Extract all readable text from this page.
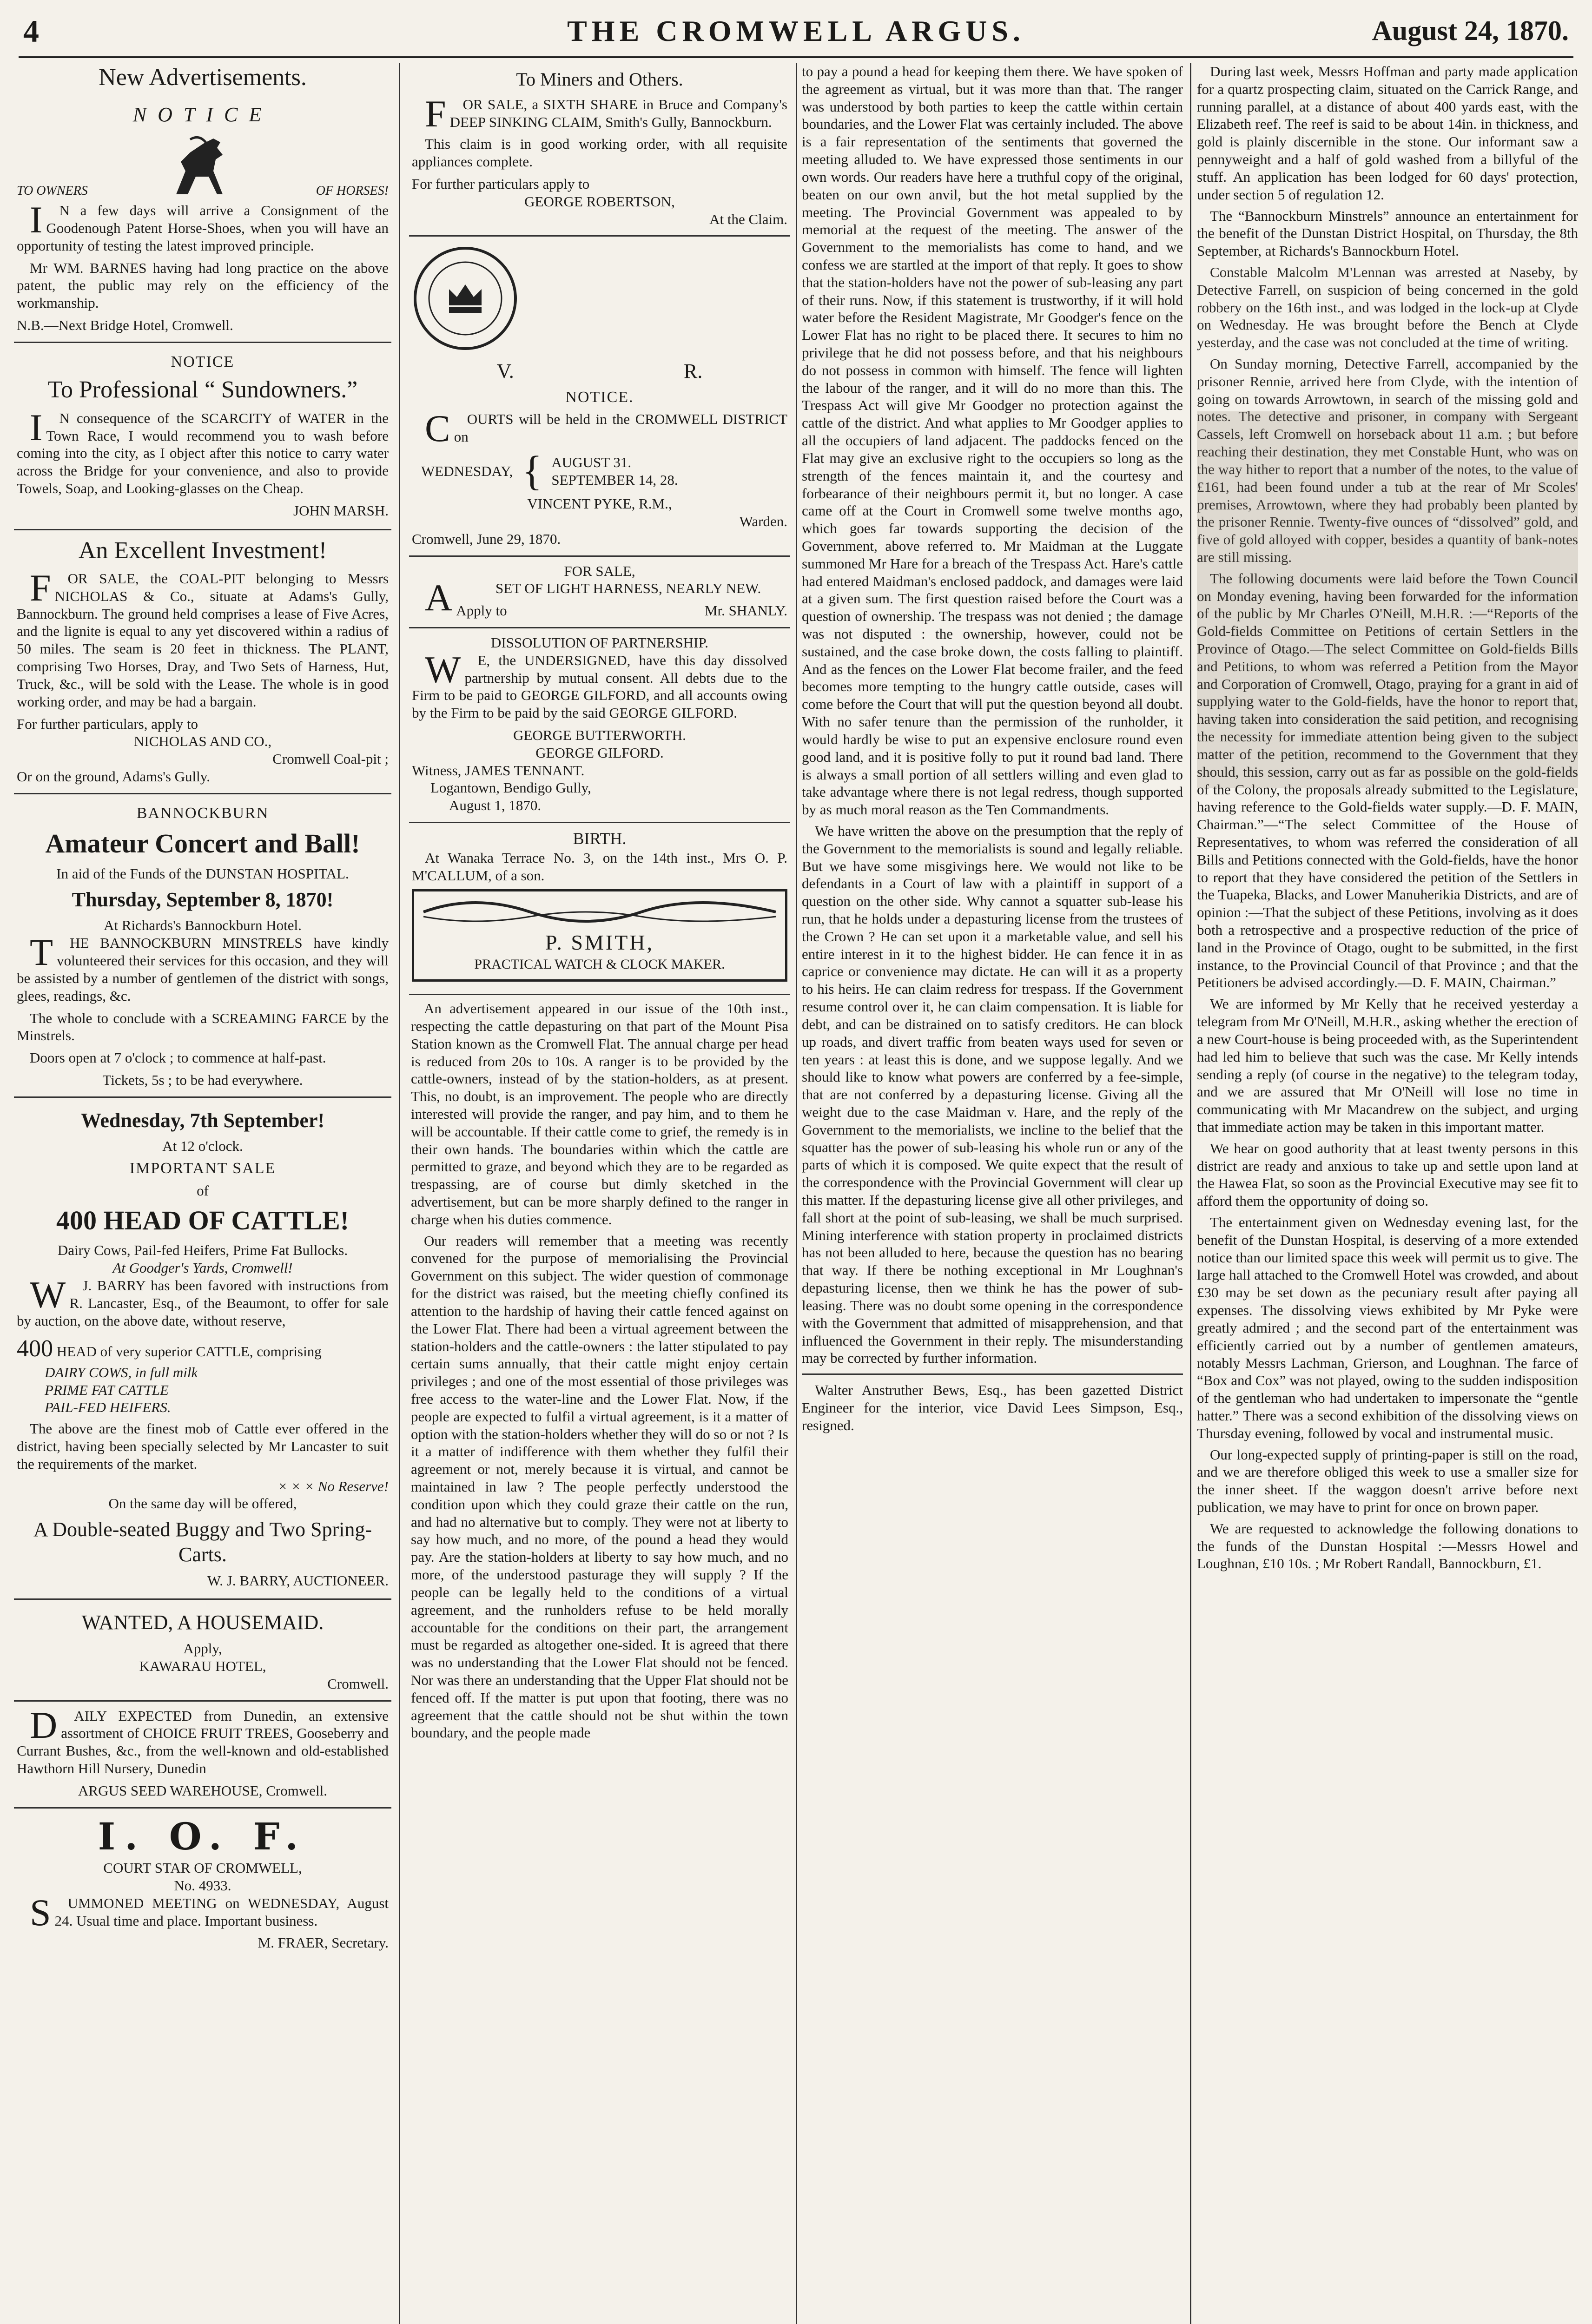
4	THE CROMWELL ARGUS.	August 24, 1870.
New Advertisements.
NOTICE
TO OWNERS	OF HORSES!

IN a few days will arrive a Consignment of the Goodenough Patent Horse-Shoes, when you will have an opportunity of testing the latest improved principle.

Mr WM. BARNES having had long practice on the above patent, the public may rely on the efficiency of the workmanship.

N.B.—Next Bridge Hotel, Cromwell.
NOTICE
To Professional “ Sundowners.”

IN consequence of the SCARCITY of WATER in the Town Race, I would recommend you to wash before coming into the city, as I object after this notice to carry water across the Bridge for your convenience, and also to provide Towels, Soap, and Looking-glasses on the Cheap.

JOHN MARSH.
An Excellent Investment!

FOR SALE, the COAL-PIT belonging to Messrs NICHOLAS & Co., situate at Adams's Gully, Bannockburn. The ground held comprises a lease of Five Acres, and the lignite is equal to any yet discovered within a radius of 50 miles. The seam is 20 feet in thickness. The PLANT, comprising Two Horses, Dray, and Two Sets of Harness, Hut, Truck, &c., will be sold with the Lease. The whole is in good working order, and may be had a bargain.

For further particulars, apply to
NICHOLAS AND CO.,
Cromwell Coal-pit ;
Or on the ground, Adams's Gully.
BANNOCKBURN
Amateur Concert and Ball!
In aid of the Funds of the DUNSTAN HOSPITAL.
Thursday, September 8, 1870!
At Richards's Bannockburn Hotel.

THE BANNOCKBURN MINSTRELS have kindly volunteered their services for this occasion, and they will be assisted by a number of gentlemen of the district with songs, glees, readings, &c.

The whole to conclude with a SCREAMING FARCE by the Minstrels.

Doors open at 7 o'clock ; to commence at half-past.

Tickets, 5s ; to be had everywhere.
Wednesday, 7th September!
At 12 o'clock.
IMPORTANT SALE
of
400 HEAD OF CATTLE!
Dairy Cows, Pail-fed Heifers, Prime Fat Bullocks.
At Goodger's Yards, Cromwell!

WJ. BARRY has been favored with instructions from R. Lancaster, Esq., of the Beaumont, to offer for sale by auction, on the above date, without reserve,

400 HEAD of very superior CATTLE, comprising
DAIRY COWS, in full milk
PRIME FAT CATTLE
PAIL-FED HEIFERS.

The above are the finest mob of Cattle ever offered in the district, having been specially selected by Mr Lancaster to suit the requirements of the market.

× × × No Reserve!
On the same day will be offered,
A Double-seated Buggy and Two Spring-Carts.
W. J. BARRY, AUCTIONEER.
WANTED, A HOUSEMAID.
Apply,
KAWARAU HOTEL,
Cromwell.

DAILY EXPECTED from Dunedin, an extensive assortment of CHOICE FRUIT TREES, Gooseberry and Currant Bushes, &c., from the well-known and old-established Hawthorn Hill Nursery, Dunedin

ARGUS SEED WAREHOUSE, Cromwell.
I. O. F.
COURT STAR OF CROMWELL,
No. 4933.

SUMMONED MEETING on WEDNESDAY, August 24. Usual time and place. Important business.

M. FRAER, Secretary.
To Miners and Others.

FOR SALE, a SIXTH SHARE in Bruce and Company's DEEP SINKING CLAIM, Smith's Gully, Bannockburn.

This claim is in good working order, with all requisite appliances complete.

For further particulars apply to
GEORGE ROBERTSON,
At the Claim.
V.	R.
NOTICE.

COURTS will be held in the CROMWELL DISTRICT on

WEDNESDAY, { AUGUST 31.
SEPTEMBER 14, 28.
VINCENT PYKE, R.M.,
Warden.
Cromwell, June 29, 1870.
FOR SALE,

ASET OF LIGHT HARNESS, NEARLY NEW.

Apply to	Mr. SHANLY.
DISSOLUTION OF PARTNERSHIP.

WE, the UNDERSIGNED, have this day dissolved partnership by mutual consent. All debts due to the Firm to be paid to GEORGE GILFORD, and all accounts owing by the Firm to be paid by the said GEORGE GILFORD.

GEORGE BUTTERWORTH.
GEORGE GILFORD.
Witness, JAMES TENNANT.
Logantown, Bendigo Gully,
August 1, 1870.
BIRTH.

At Wanaka Terrace No. 3, on the 14th inst., Mrs O. P. M'CALLUM, of a son.

P. SMITH,
PRACTICAL WATCH & CLOCK MAKER.

An advertisement appeared in our issue of the 10th inst., respecting the cattle depasturing on that part of the Mount Pisa Station known as the Cromwell Flat. The annual charge per head is reduced from 20s to 10s. A ranger is to be provided by the cattle-owners, instead of by the station-holders, as at present. This, no doubt, is an improvement. The people who are directly interested will provide the ranger, and pay him, and to them he will be accountable. If their cattle come to grief, the remedy is in their own hands. The boundaries within which the cattle are permitted to graze, and beyond which they are to be regarded as trespassing, are of course but dimly sketched in the advertisement, but can be more sharply defined to the ranger in charge when his duties commence.

Our readers will remember that a meeting was recently convened for the purpose of memorialising the Provincial Government on this subject. The wider question of commonage for the district was raised, but the meeting chiefly confined its attention to the hardship of having their cattle fenced against on the Lower Flat. There had been a virtual agreement between the station-holders and the cattle-owners : the latter stipulated to pay certain sums annually, that their cattle might enjoy certain privileges ; and one of the most essential of those privileges was free access to the water-line and the Lower Flat. Now, if the people are expected to fulfil a virtual agreement, is it a matter of option with the station-holders whether they will do so or not ? Is it a matter of indifference with them whether they fulfil their agreement or not, merely because it is virtual, and cannot be maintained in law ? The people perfectly understood the condition upon which they could graze their cattle on the run, and had no alternative but to comply. They were not at liberty to say how much, and no more, of the pound a head they would pay. Are the station-holders at liberty to say how much, and no more, of the understood pasturage they will supply ? If the people can be legally held to the conditions of a virtual agreement, and the runholders refuse to be held morally accountable for the conditions on their part, the arrangement must be regarded as altogether one-sided. It is agreed that there was no understanding that the Lower Flat should not be fenced. Nor was there an understanding that the Upper Flat should not be fenced off. If the matter is put upon that footing, there was no agreement that the cattle should not be shut within the town boundary, and the people made

to pay a pound a head for keeping them there. We have spoken of the agreement as virtual, but it was more than that. The ranger was understood by both parties to keep the cattle within certain boundaries, and the Lower Flat was certainly included. The above is a fair representation of the sentiments that governed the meeting alluded to. We have expressed those sentiments in our own words. Our readers have here a truthful copy of the original, beaten on our own anvil, but the hot metal supplied by the meeting. The Provincial Government was appealed to by memorial at the request of the meeting. The answer of the Government to the memorialists has come to hand, and we confess we are startled at the import of that reply. It goes to show that the station-holders have not the power of sub-leasing any part of their runs. Now, if this statement is trustworthy, if it will hold water before the Resident Magistrate, Mr Goodger's fence on the Lower Flat has no right to be placed there. It secures to him no privilege that he did not possess before, and that his neighbours do not possess in common with himself. The fence will lighten the labour of the ranger, and it will do no more than this. The Trespass Act will give Mr Goodger no protection against the cattle of the district. And what applies to Mr Goodger applies to all the occupiers of land adjacent. The paddocks fenced on the Flat may give an exclusive right to the occupiers so long as the strength of the fences maintain it, and the courtesy and forbearance of their neighbours permit it, but no longer. A case came off at the Court in Cromwell some twelve months ago, which goes far towards supporting the decision of the Government, above referred to. Mr Maidman at the Luggate summoned Mr Hare for a breach of the Trespass Act. Hare's cattle had entered Maidman's enclosed paddock, and damages were laid at a given sum. The first question raised before the Court was a question of ownership. The trespass was not denied ; the damage was not disputed : the ownership, however, could not be sustained, and the case broke down, the costs falling to plaintiff. And as the fences on the Lower Flat become frailer, and the feed becomes more tempting to the hungry cattle outside, cases will come before the Court that will put the question beyond all doubt. With no safer tenure than the permission of the runholder, it would hardly be wise to put an expensive enclosure round even good land, and it is positive folly to put it round bad land. There is always a small portion of all settlers willing and even glad to take advantage where there is not legal redress, though supported by as much moral reason as the Ten Commandments.

We have written the above on the presumption that the reply of the Government to the memorialists is sound and legally reliable. But we have some misgivings here. We would not like to be defendants in a Court of law with a plaintiff in support of a question on the other side. Why cannot a squatter sub-lease his run, that he holds under a depasturing license from the trustees of the Crown ? He can set upon it a marketable value, and sell his entire interest in it to the highest bidder. He can fence it in as caprice or convenience may dictate. He can will it as a property to his heirs. He can claim redress for trespass. If the Government resume control over it, he can claim compensation. It is liable for debt, and can be distrained on to satisfy creditors. He can block up roads, and divert traffic from beaten ways used for seven or ten years : at least this is done, and we suppose legally. And we should like to know what powers are conferred by a fee-simple, that are not conferred by a depasturing license. Giving all the weight due to the case Maidman v. Hare, and the reply of the Government to the memorialists, we incline to the belief that the squatter has the power of sub-leasing his whole run or any of the parts of which it is composed. We quite expect that the result of the correspondence with the Provincial Government will clear up this matter. If the depasturing license give all other privileges, and fall short at the point of sub-leasing, we shall be much surprised. Mining interference with station property in proclaimed districts has not been alluded to here, because the question has no bearing that way. If there be nothing exceptional in Mr Loughnan's depasturing license, then we think he has the power of sub-leasing. There was no doubt some opening in the correspondence with the Government that admitted of misapprehension, and that influenced the Government in their reply. The misunderstanding may be corrected by further information.

Walter Anstruther Bews, Esq., has been gazetted District Engineer for the interior, vice David Lees Simpson, Esq., resigned.

During last week, Messrs Hoffman and party made application for a quartz prospecting claim, situated on the Carrick Range, and running parallel, at a distance of about 400 yards east, with the Elizabeth reef. The reef is said to be about 14in. in thickness, and gold is plainly discernible in the stone. Our informant saw a pennyweight and a half of gold washed from a billyful of the stuff. An application has been lodged for 60 days' protection, under section 5 of regulation 12.

The “Bannockburn Minstrels” announce an entertainment for the benefit of the Dunstan District Hospital, on Thursday, the 8th September, at Richards's Bannockburn Hotel.

Constable Malcolm M'Lennan was arrested at Naseby, by Detective Farrell, on suspicion of being concerned in the gold robbery on the 16th inst., and was lodged in the lock-up at Clyde on Wednesday. He was brought before the Bench at Clyde yesterday, and the case was not concluded at the time of writing.

On Sunday morning, Detective Farrell, accompanied by the prisoner Rennie, arrived here from Clyde, with the intention of going on towards Arrowtown, in search of the missing gold and notes. The detective and prisoner, in company with Sergeant Cassels, left Cromwell on horseback about 11 a.m. ; but before reaching their destination, they met Constable Hunt, who was on the way hither to report that a number of the notes, to the value of £161, had been found under a tub at the rear of Mr Scoles' premises, Arrowtown, where they had probably been planted by the prisoner Rennie. Twenty-five ounces of “dissolved” gold, and five of gold alloyed with copper, besides a quantity of bank-notes are still missing.

The following documents were laid before the Town Council on Monday evening, having been forwarded for the information of the public by Mr Charles O'Neill, M.H.R. :—“Reports of the Gold-fields Committee on Petitions of certain Settlers in the Province of Otago.—The select Committee on Gold-fields Bills and Petitions, to whom was referred a Petition from the Mayor and Corporation of Cromwell, Otago, praying for a grant in aid of supplying water to the Gold-fields, have the honor to report that, having taken into consideration the said petition, and recognising the necessity for immediate attention being given to the subject matter of the petition, recommend to the Government that they should, this session, carry out as far as possible on the gold-fields of the Colony, the proposals already submitted to the Legislature, having reference to the Gold-fields water supply.—D. F. MAIN, Chairman.”—“The select Committee of the House of Representatives, to whom was referred the consideration of all Bills and Petitions connected with the Gold-fields, have the honor to report that they have considered the petition of the Settlers in the Tuapeka, Blacks, and Lower Manuherikia Districts, and are of opinion :—That the subject of these Petitions, involving as it does both a retrospective and a prospective reduction of the price of land in the Province of Otago, ought to be submitted, in the first instance, to the Provincial Council of that Province ; and that the Petitioners be advised accordingly.—D. F. MAIN, Chairman.”

We are informed by Mr Kelly that he received yesterday a telegram from Mr O'Neill, M.H.R., asking whether the erection of a new Court-house is being proceeded with, as the Superintendent had led him to believe that such was the case. Mr Kelly intends sending a reply (of course in the negative) to the telegram today, and we are assured that Mr O'Neill will lose no time in communicating with Mr Macandrew on the subject, and urging that immediate action may be taken in this important matter.

We hear on good authority that at least twenty persons in this district are ready and anxious to take up and settle upon land at the Hawea Flat, so soon as the Provincial Executive may see fit to afford them the opportunity of doing so.

The entertainment given on Wednesday evening last, for the benefit of the Dunstan Hospital, is deserving of a more extended notice than our limited space this week will permit us to give. The large hall attached to the Cromwell Hotel was crowded, and about £30 may be set down as the pecuniary result after paying all expenses. The dissolving views exhibited by Mr Pyke were greatly admired ; and the second part of the entertainment was efficiently carried out by a number of gentlemen amateurs, notably Messrs Lachman, Grierson, and Loughnan. The farce of “Box and Cox” was not played, owing to the sudden indisposition of the gentleman who had undertaken to impersonate the “gentle hatter.” There was a second exhibition of the dissolving views on Thursday evening, followed by vocal and instrumental music.

Our long-expected supply of printing-paper is still on the road, and we are therefore obliged this week to use a smaller size for the inner sheet. If the waggon doesn't arrive before next publication, we may have to print for once on brown paper.

We are requested to acknowledge the following donations to the funds of the Dunstan Hospital :—Messrs Howel and Loughnan, £10 10s. ; Mr Robert Randall, Bannockburn, £1.
